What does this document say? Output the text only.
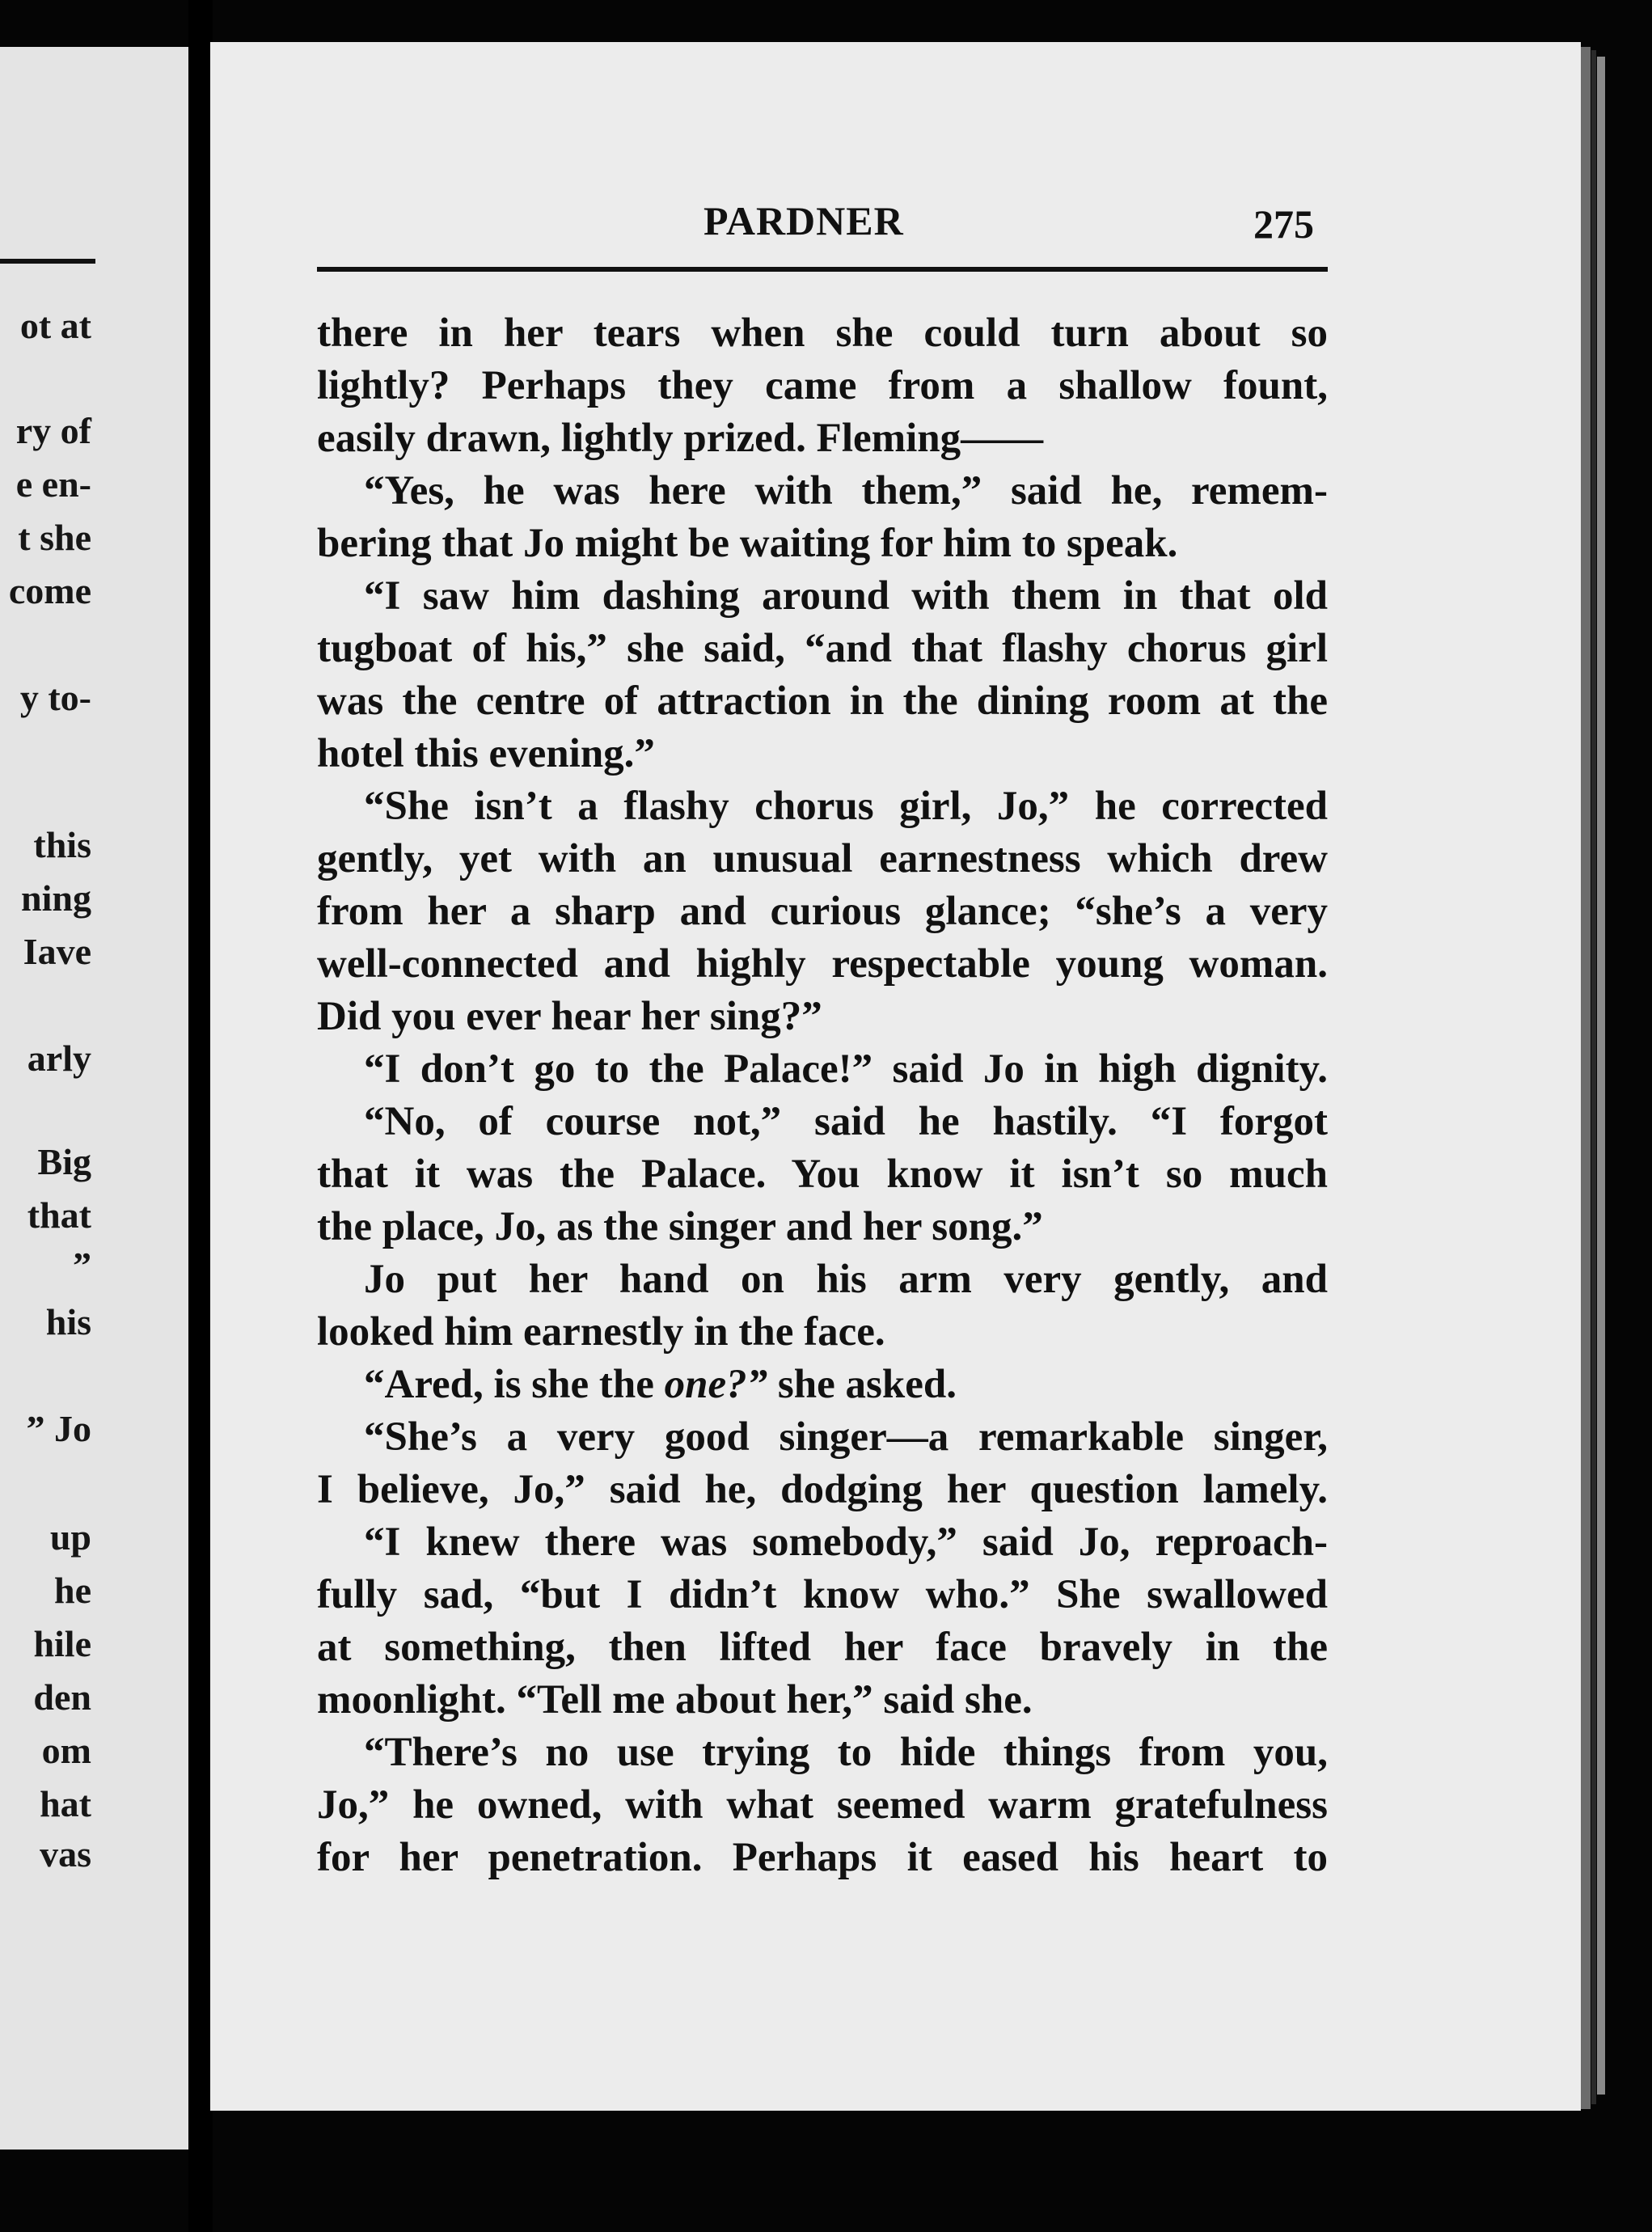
ot at
ry of
e en-
t she
come
y to-
this
ning
Iave
arly
Big
that
”
his
” Jo
up
he
hile
den
om
hat
vas
PARDNER	275
there in her tears when she could turn about so
lightly? Perhaps they came from a shallow fount,
easily drawn, lightly prized. Fleming——
“Yes, he was here with them,” said he, remem-
bering that Jo might be waiting for him to speak.
“I saw him dashing around with them in that old
tugboat of his,” she said, “and that flashy chorus girl
was the centre of attraction in the dining room at the
hotel this evening.”
“She isn’t a flashy chorus girl, Jo,” he corrected
gently, yet with an unusual earnestness which drew
from her a sharp and curious glance; “she’s a very
well-connected and highly respectable young woman.
Did you ever hear her sing?”
“I don’t go to the Palace!” said Jo in high dignity.
“No, of course not,” said he hastily. “I forgot
that it was the Palace. You know it isn’t so much
the place, Jo, as the singer and her song.”
Jo put her hand on his arm very gently, and
looked him earnestly in the face.
“Ared, is she the one?” she asked.
“She’s a very good singer—a remarkable singer,
I believe, Jo,” said he, dodging her question lamely.
“I knew there was somebody,” said Jo, reproach-
fully sad, “but I didn’t know who.” She swallowed
at something, then lifted her face bravely in the
moonlight. “Tell me about her,” said she.
“There’s no use trying to hide things from you,
Jo,” he owned, with what seemed warm gratefulness
for her penetration. Perhaps it eased his heart to
